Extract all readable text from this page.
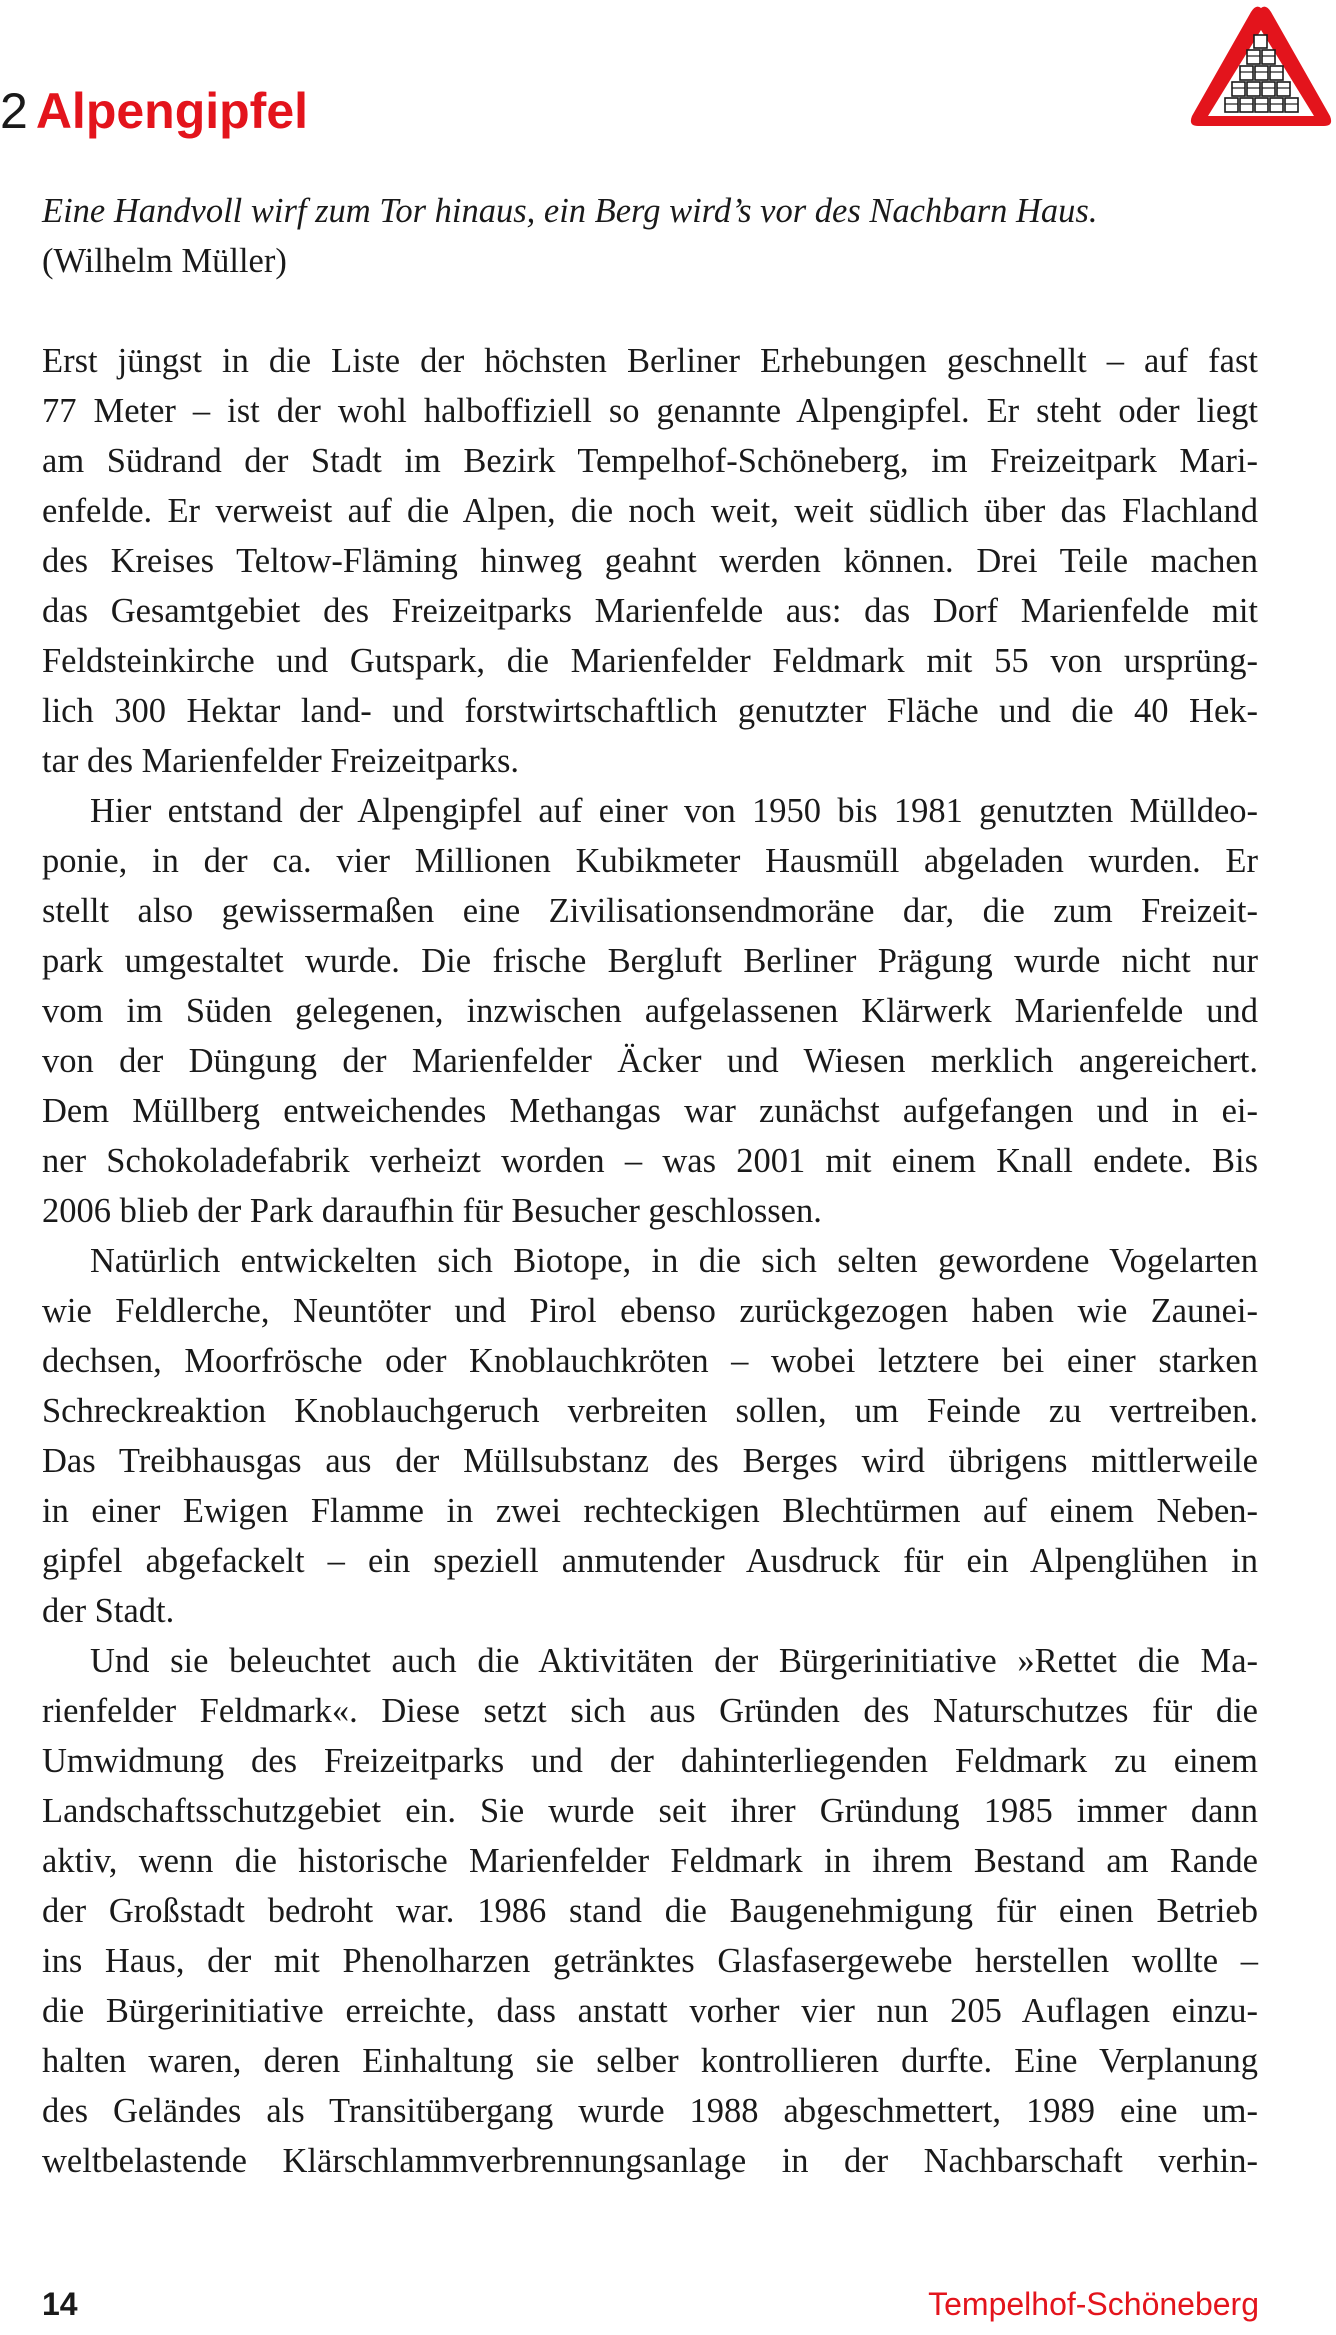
2 Alpengipfel
Eine Handvoll wirf zum Tor hinaus, ein Berg wird’s vor des Nachbarn Haus.
(Wilhelm Müller)
Erst jüngst in die Liste der höchsten Berliner Erhebungen geschnellt – auf fast
77 Meter – ist der wohl halboffiziell so genannte Alpengipfel. Er steht oder liegt
am Südrand der Stadt im Bezirk Tempelhof-Schöneberg, im Freizeitpark Mari-
enfelde. Er verweist auf die Alpen, die noch weit, weit südlich über das Flachland
des Kreises Teltow-Fläming hinweg geahnt werden können. Drei Teile machen
das Gesamtgebiet des Freizeitparks Marienfelde aus: das Dorf Marienfelde mit
Feldsteinkirche und Gutspark, die Marienfelder Feldmark mit 55 von ursprüng-
lich 300 Hektar land- und forstwirtschaftlich genutzter Fläche und die 40 Hek-
tar des Marienfelder Freizeitparks.
Hier entstand der Alpengipfel auf einer von 1950 bis 1981 genutzten Mülldeo-
ponie, in der ca. vier Millionen Kubikmeter Hausmüll abgeladen wurden. Er
stellt also gewissermaßen eine Zivilisationsendmoräne dar, die zum Freizeit-
park umgestaltet wurde. Die frische Bergluft Berliner Prägung wurde nicht nur
vom im Süden gelegenen, inzwischen aufgelassenen Klärwerk Marienfelde und
von der Düngung der Marienfelder Äcker und Wiesen merklich angereichert.
Dem Müllberg entweichendes Methangas war zunächst aufgefangen und in ei-
ner Schokoladefabrik verheizt worden – was 2001 mit einem Knall endete. Bis
2006 blieb der Park daraufhin für Besucher geschlossen.
Natürlich entwickelten sich Biotope, in die sich selten gewordene Vogelarten
wie Feldlerche, Neuntöter und Pirol ebenso zurückgezogen haben wie Zaunei-
dechsen, Moorfrösche oder Knoblauchkröten – wobei letztere bei einer starken
Schreckreaktion Knoblauchgeruch verbreiten sollen, um Feinde zu vertreiben.
Das Treibhausgas aus der Müllsubstanz des Berges wird übrigens mittlerweile
in einer Ewigen Flamme in zwei rechteckigen Blechtürmen auf einem Neben-
gipfel abgefackelt – ein speziell anmutender Ausdruck für ein Alpenglühen in
der Stadt.
Und sie beleuchtet auch die Aktivitäten der Bürgerinitiative »Rettet die Ma-
rienfelder Feldmark«. Diese setzt sich aus Gründen des Naturschutzes für die
Umwidmung des Freizeitparks und der dahinterliegenden Feldmark zu einem
Landschaftsschutzgebiet ein. Sie wurde seit ihrer Gründung 1985 immer dann
aktiv, wenn die historische Marienfelder Feldmark in ihrem Bestand am Rande
der Großstadt bedroht war. 1986 stand die Baugenehmigung für einen Betrieb
ins Haus, der mit Phenolharzen getränktes Glasfasergewebe herstellen wollte –
die Bürgerinitiative erreichte, dass anstatt vorher vier nun 205 Auflagen einzu-
halten waren, deren Einhaltung sie selber kontrollieren durfte. Eine Verplanung
des Geländes als Transitübergang wurde 1988 abgeschmettert, 1989 eine um-
weltbelastende Klärschlammverbrennungsanlage in der Nachbarschaft verhin-
14	Tempelhof-Schöneberg
